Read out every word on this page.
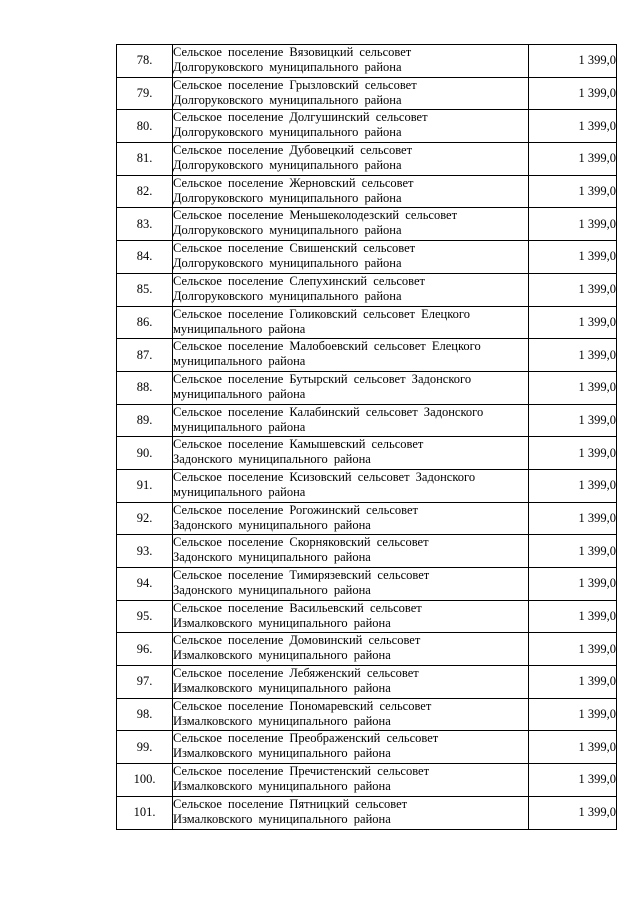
78.	Сельское поселение Вязовицкий сельсовет
Долгоруковского муниципального района	1 399,0
79.	Сельское поселение Грызловский сельсовет
Долгоруковского муниципального района	1 399,0
80.	Сельское поселение Долгушинский сельсовет
Долгоруковского муниципального района	1 399,0
81.	Сельское поселение Дубовецкий сельсовет
Долгоруковского муниципального района	1 399,0
82.	Сельское поселение Жерновский сельсовет
Долгоруковского муниципального района	1 399,0
83.	Сельское поселение Меньшеколодезский сельсовет
Долгоруковского муниципального района	1 399,0
84.	Сельское поселение Свишенский сельсовет
Долгоруковского муниципального района	1 399,0
85.	Сельское поселение Слепухинский сельсовет
Долгоруковского муниципального района	1 399,0
86.	Сельское поселение Голиковский сельсовет Елецкого
муниципального района	1 399,0
87.	Сельское поселение Малобоевский сельсовет Елецкого
муниципального района	1 399,0
88.	Сельское поселение Бутырский сельсовет Задонского
муниципального района	1 399,0
89.	Сельское поселение Калабинский сельсовет Задонского
муниципального района	1 399,0
90.	Сельское поселение Камышевский сельсовет
Задонского муниципального района	1 399,0
91.	Сельское поселение Ксизовский сельсовет Задонского
муниципального района	1 399,0
92.	Сельское поселение Рогожинский сельсовет
Задонского муниципального района	1 399,0
93.	Сельское поселение Скорняковский сельсовет
Задонского муниципального района	1 399,0
94.	Сельское поселение Тимирязевский сельсовет
Задонского муниципального района	1 399,0
95.	Сельское поселение Васильевский сельсовет
Измалковского муниципального района	1 399,0
96.	Сельское поселение Домовинский сельсовет
Измалковского муниципального района	1 399,0
97.	Сельское поселение Лебяженский сельсовет
Измалковского муниципального района	1 399,0
98.	Сельское поселение Пономаревский сельсовет
Измалковского муниципального района	1 399,0
99.	Сельское поселение Преображенский сельсовет
Измалковского муниципального района	1 399,0
100.	Сельское поселение Пречистенский сельсовет
Измалковского муниципального района	1 399,0
101.	Сельское поселение Пятницкий сельсовет
Измалковского муниципального района	1 399,0
